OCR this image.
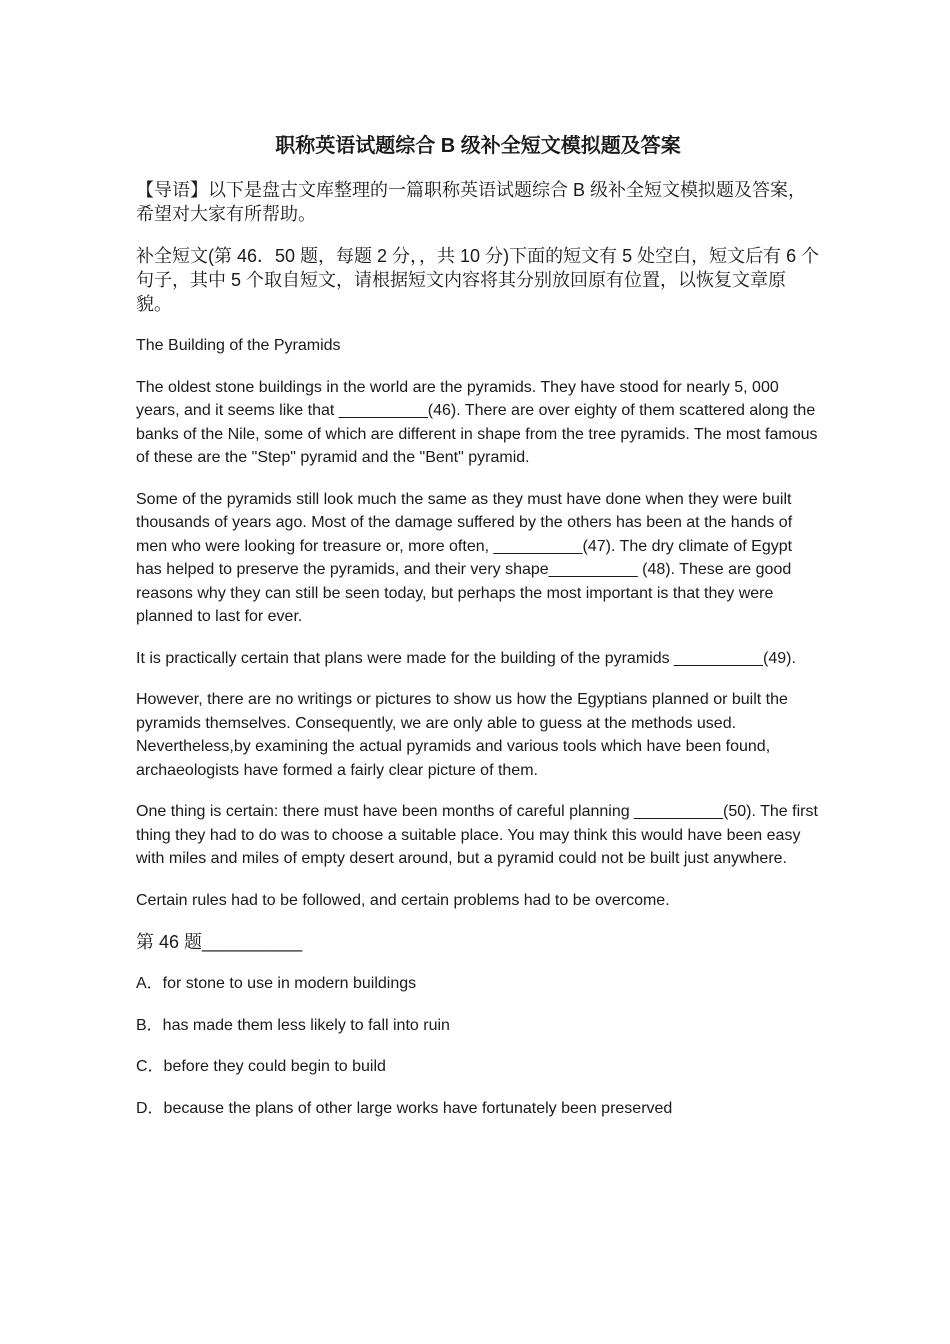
职称英语试题综合 B 级补全短文模拟题及答案
【导语】以下是盘古文库整理的一篇职称英语试题综合 B 级补全短文模拟题及答案，希望对大家有所帮助。
补全短文(第 46．50 题，每题 2 分，，共 10 分)下面的短文有 5 处空白，短文后有 6 个句子，其中 5 个取自短文，请根据短文内容将其分别放回原有位置，以恢复文章原貌。
The Building of the Pyramids
The oldest stone buildings in the world are the pyramids. They have stood for nearly 5, 000 years, and it seems like that __________(46). There are over eighty of them scattered along the banks of the Nile, some of which are different in shape from the tree pyramids. The most famous of these are the "Step" pyramid and the "Bent" pyramid.
Some of the pyramids still look much the same as they must have done when they were built thousands of years ago. Most of the damage suffered by the others has been at the hands of men who were looking for treasure or, more often, __________(47). The dry climate of Egypt has helped to preserve the pyramids, and their very shape__________ (48). These are good reasons why they can still be seen today, but perhaps the most important is that they were planned to last for ever.
It is practically certain that plans were made for the building of the pyramids __________(49).
However, there are no writings or pictures to show us how the Egyptians planned or built the pyramids themselves. Consequently, we are only able to guess at the methods used. Nevertheless,by examining the actual pyramids and various tools which have been found, archaeologists have formed a fairly clear picture of them.
One thing is certain: there must have been months of careful planning __________(50). The first thing they had to do was to choose a suitable place. You may think this would have been easy with miles and miles of empty desert around, but a pyramid could not be built just anywhere.
Certain rules had to be followed, and certain problems had to be overcome.
第 46 题__________
A．for stone to use in modern buildings
B．has made them less likely to fall into ruin
C．before they could begin to build
D．because the plans of other large works have fortunately been preserved
